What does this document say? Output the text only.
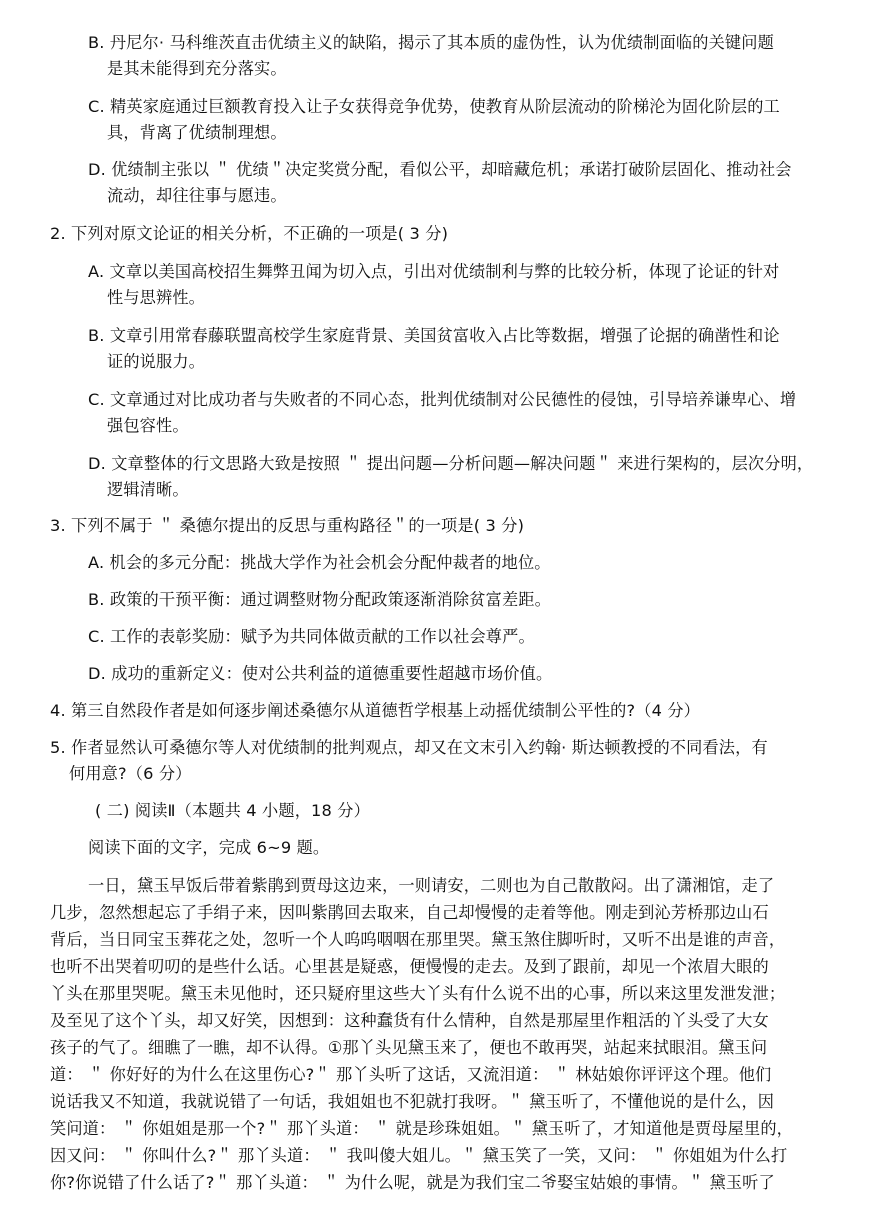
B. 丹尼尔· 马科维茨直击优绩主义的缺陷，揭示了其本质的虚伪性，认为优绩制面临的关键问题
是其未能得到充分落实。
C. 精英家庭通过巨额教育投入让子女获得竞争优势，使教育从阶层流动的阶梯沦为固化阶层的工
具，背离了优绩制理想。
D. 优绩制主张以 ＂ 优绩＂决定奖赏分配，看似公平，却暗藏危机；承诺打破阶层固化、推动社会
流动，却往往事与愿违。
2. 下列对原文论证的相关分析，不正确的一项是( 3 分)
A. 文章以美国高校招生舞弊丑闻为切入点，引出对优绩制利与弊的比较分析，体现了论证的针对
性与思辨性。
B. 文章引用常春藤联盟高校学生家庭背景、美国贫富收入占比等数据，增强了论据的确凿性和论
证的说服力。
C. 文章通过对比成功者与失败者的不同心态，批判优绩制对公民德性的侵蚀，引导培养谦卑心、增
强包容性。
D. 文章整体的行文思路大致是按照 ＂ 提出问题—分析问题—解决问题＂ 来进行架构的，层次分明，
逻辑清晰。
3. 下列不属于 ＂ 桑德尔提出的反思与重构路径＂的一项是( 3 分)
A. 机会的多元分配：挑战大学作为社会机会分配仲裁者的地位。
B. 政策的干预平衡：通过调整财物分配政策逐渐消除贫富差距。
C. 工作的表彰奖励：赋予为共同体做贡献的工作以社会尊严。
D. 成功的重新定义：使对公共利益的道德重要性超越市场价值。
4. 第三自然段作者是如何逐步阐述桑德尔从道德哲学根基上动摇优绩制公平性的?（4 分）
5. 作者显然认可桑德尔等人对优绩制的批判观点，却又在文末引入约翰· 斯达顿教授的不同看法，有
何用意?（6 分）
( 二) 阅读Ⅱ（本题共 4 小题，18 分）
阅读下面的文字，完成 6~9 题。
一日，黛玉早饭后带着紫鹃到贾母这边来，一则请安，二则也为自己散散闷。出了潇湘馆，走了
几步，忽然想起忘了手绢子来，因叫紫鹃回去取来，自己却慢慢的走着等他。刚走到沁芳桥那边山石
背后，当日同宝玉葬花之处，忽听一个人呜呜咽咽在那里哭。黛玉煞住脚听时，又听不出是谁的声音，
也听不出哭着叨叨的是些什么话。心里甚是疑惑，便慢慢的走去。及到了跟前，却见一个浓眉大眼的
丫头在那里哭呢。黛玉未见他时，还只疑府里这些大丫头有什么说不出的心事，所以来这里发泄发泄；
及至见了这个丫头，却又好笑，因想到：这种蠢货有什么情种，自然是那屋里作粗活的丫头受了大女
孩子的气了。细瞧了一瞧，却不认得。①那丫头见黛玉来了，便也不敢再哭，站起来拭眼泪。黛玉问
道： ＂ 你好好的为什么在这里伤心?＂ 那丫头听了这话，又流泪道： ＂ 林姑娘你评评这个理。他们
说话我又不知道，我就说错了一句话，我姐姐也不犯就打我呀。＂ 黛玉听了，不懂他说的是什么，因
笑问道： ＂ 你姐姐是那一个?＂ 那丫头道： ＂ 就是珍珠姐姐。＂ 黛玉听了，才知道他是贾母屋里的，
因又问： ＂ 你叫什么?＂ 那丫头道： ＂ 我叫傻大姐儿。＂ 黛玉笑了一笑，又问： ＂ 你姐姐为什么打
你?你说错了什么话了?＂ 那丫头道： ＂ 为什么呢，就是为我们宝二爷娶宝姑娘的事情。＂ 黛玉听了
